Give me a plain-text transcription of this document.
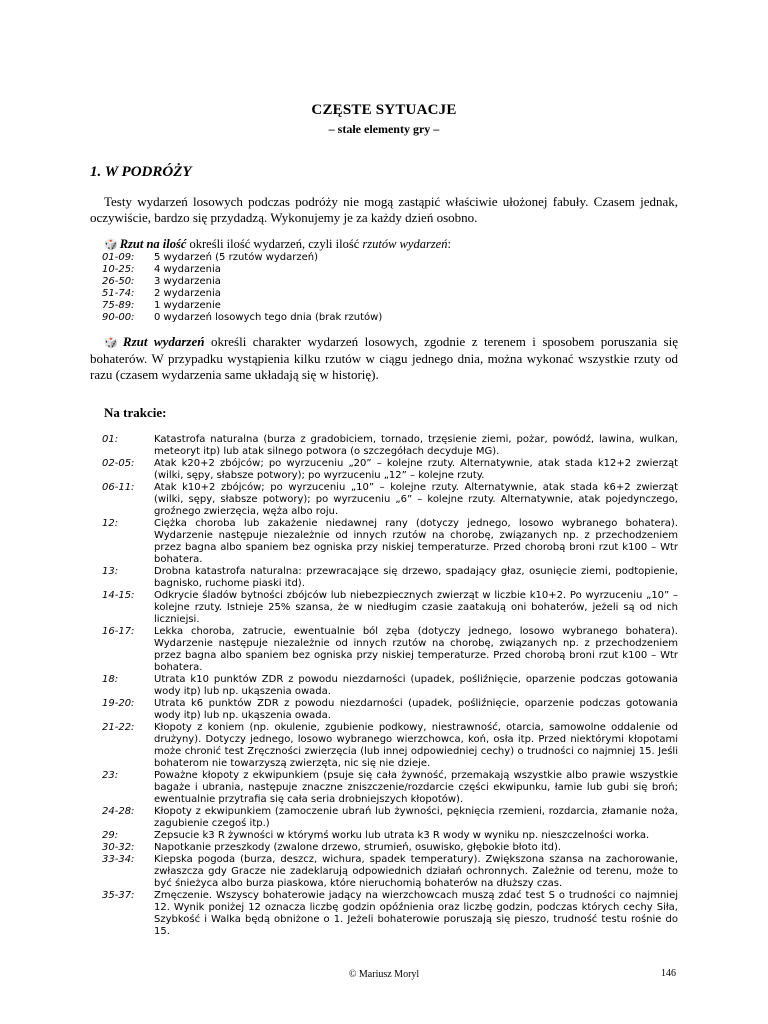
CZĘSTE SYTUACJE
– stałe elementy gry –
1. W PODRÓŻY
Testy wydarzeń losowych podczas podróży nie mogą zastąpić właściwie ułożonej fabuły. Czasem jednak, oczywiście, bardzo się przydadzą. Wykonujemy je za każdy dzień osobno.
🎲 Rzut na ilość określi ilość wydarzeń, czyli ilość rzutów wydarzeń:
01-09:	5 wydarzeń (5 rzutów wydarzeń)
10-25:	4 wydarzenia
26-50:	3 wydarzenia
51-74:	2 wydarzenia
75-89:	1 wydarzenie
90-00:	0 wydarzeń losowych tego dnia (brak rzutów)
🎲 Rzut wydarzeń określi charakter wydarzeń losowych, zgodnie z terenem i sposobem poruszania się bohaterów. W przypadku wystąpienia kilku rzutów w ciągu jednego dnia, można wykonać wszystkie rzuty od razu (czasem wydarzenia same układają się w historię).
Na trakcie:
01:	Katastrofa naturalna (burza z gradobiciem, tornado, trzęsienie ziemi, pożar, powódź, lawina, wulkan, meteoryt itp) lub atak silnego potwora (o szczegółach decyduje MG).
02-05:	Atak k20+2 zbójców; po wyrzuceniu „20” – kolejne rzuty. Alternatywnie, atak stada k12+2 zwierząt (wilki, sępy, słabsze potwory); po wyrzuceniu „12” – kolejne rzuty.
06-11:	Atak k10+2 zbójców; po wyrzuceniu „10” – kolejne rzuty. Alternatywnie, atak stada k6+2 zwierząt (wilki, sępy, słabsze potwory); po wyrzuceniu „6” – kolejne rzuty. Alternatywnie, atak pojedynczego, groźnego zwierzęcia, węża albo roju.
12:	Ciężka choroba lub zakażenie niedawnej rany (dotyczy jednego, losowo wybranego bohatera). Wydarzenie następuje niezależnie od innych rzutów na chorobę, związanych np. z przechodzeniem przez bagna albo spaniem bez ogniska przy niskiej temperaturze. Przed chorobą broni rzut k100 – Wtr bohatera.
13:	Drobna katastrofa naturalna: przewracające się drzewo, spadający głaz, osunięcie ziemi, podtopienie, bagnisko, ruchome piaski itd).
14-15:	Odkrycie śladów bytności zbójców lub niebezpiecznych zwierząt w liczbie k10+2. Po wyrzuceniu „10” – kolejne rzuty. Istnieje 25% szansa, że w niedługim czasie zaatakują oni bohaterów, jeżeli są od nich liczniejsi.
16-17:	Lekka choroba, zatrucie, ewentualnie ból zęba (dotyczy jednego, losowo wybranego bohatera). Wydarzenie następuje niezależnie od innych rzutów na chorobę, związanych np. z przechodzeniem przez bagna albo spaniem bez ogniska przy niskiej temperaturze. Przed chorobą broni rzut k100 – Wtr bohatera.
18:	Utrata k10 punktów ZDR z powodu niezdarności (upadek, pośliźnięcie, oparzenie podczas gotowania wody itp) lub np. ukąszenia owada.
19-20:	Utrata k6 punktów ZDR z powodu niezdarności (upadek, pośliźnięcie, oparzenie podczas gotowania wody itp) lub np. ukąszenia owada.
21-22:	Kłopoty z koniem (np. okulenie, zgubienie podkowy, niestrawność, otarcia, samowolne oddalenie od drużyny). Dotyczy jednego, losowo wybranego wierzchowca, koń, osła itp. Przed niektórymi kłopotami może chronić test Zręczności zwierzęcia (lub innej odpowiedniej cechy) o trudności co najmniej 15. Jeśli bohaterom nie towarzyszą zwierzęta, nic się nie dzieje.
23:	Poważne kłopoty z ekwipunkiem (psuje się cała żywność, przemakają wszystkie albo prawie wszystkie bagaże i ubrania, następuje znaczne zniszczenie/rozdarcie części ekwipunku, łamie lub gubi się broń; ewentualnie przytrafia się cała seria drobniejszych kłopotów).
24-28:	Kłopoty z ekwipunkiem (zamoczenie ubrań lub żywności, pęknięcia rzemieni, rozdarcia, złamanie noża, zagubienie czegoś itp.)
29:	Zepsucie k3 R żywności w którymś worku lub utrata k3 R wody w wyniku np. nieszczelności worka.
30-32:	Napotkanie przeszkody (zwalone drzewo, strumień, osuwisko, głębokie błoto itd).
33-34:	Kiepska pogoda (burza, deszcz, wichura, spadek temperatury). Zwiększona szansa na zachorowanie, zwłaszcza gdy Gracze nie zadeklarują odpowiednich działań ochronnych. Zależnie od terenu, może to być śnieżyca albo burza piaskowa, które nieruchomią bohaterów na dłuższy czas.
35-37:	Zmęczenie. Wszyscy bohaterowie jadący na wierzchowcach muszą zdać test S o trudności co najmniej 12. Wynik poniżej 12 oznacza liczbę godzin opóźnienia oraz liczbę godzin, podczas których cechy Siła, Szybkość i Walka będą obniżone o 1. Jeżeli bohaterowie poruszają się pieszo, trudność testu rośnie do 15.
© Mariusz Moryl	146
